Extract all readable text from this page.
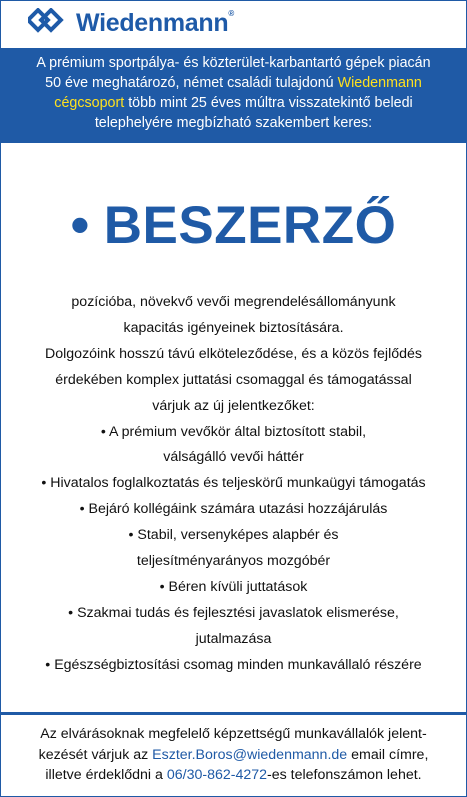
Wiedenmann®
A prémium sportpálya- és közterület-karbantartó gépek piacán
50 éve meghatározó, német családi tulajdonú Wiedenmann
cégcsoport több mint 25 éves múltra visszatekintő beledi
telephelyére megbízható szakembert keres:
• BESZERZŐ

pozícióba, növekvő vevői megrendelésállományunk

kapacitás igényeinek biztosítására.

Dolgozóink hosszú távú elköteleződése, és a közös fejlődés

érdekében komplex juttatási csomaggal és támogatással

várjuk az új jelentkezőket:

• A prémium vevőkör által biztosított stabil,

válságálló vevői háttér

• Hivatalos foglalkoztatás és teljeskörű munkaügyi támogatás

• Bejáró kollégáink számára utazási hozzájárulás

• Stabil, versenyképes alapbér és

teljesítményarányos mozgóbér

• Béren kívüli juttatások

• Szakmai tudás és fejlesztési javaslatok elismerése,

jutalmazása

• Egészségbiztosítási csomag minden munkavállaló részére

Az elvárásoknak megfelelő képzettségű munkavállalók jelent-

kezését várjuk az Eszter.Boros@wiedenmann.de email címre,

illetve érdeklődni a 06/30-862-4272-es telefonszámon lehet.
